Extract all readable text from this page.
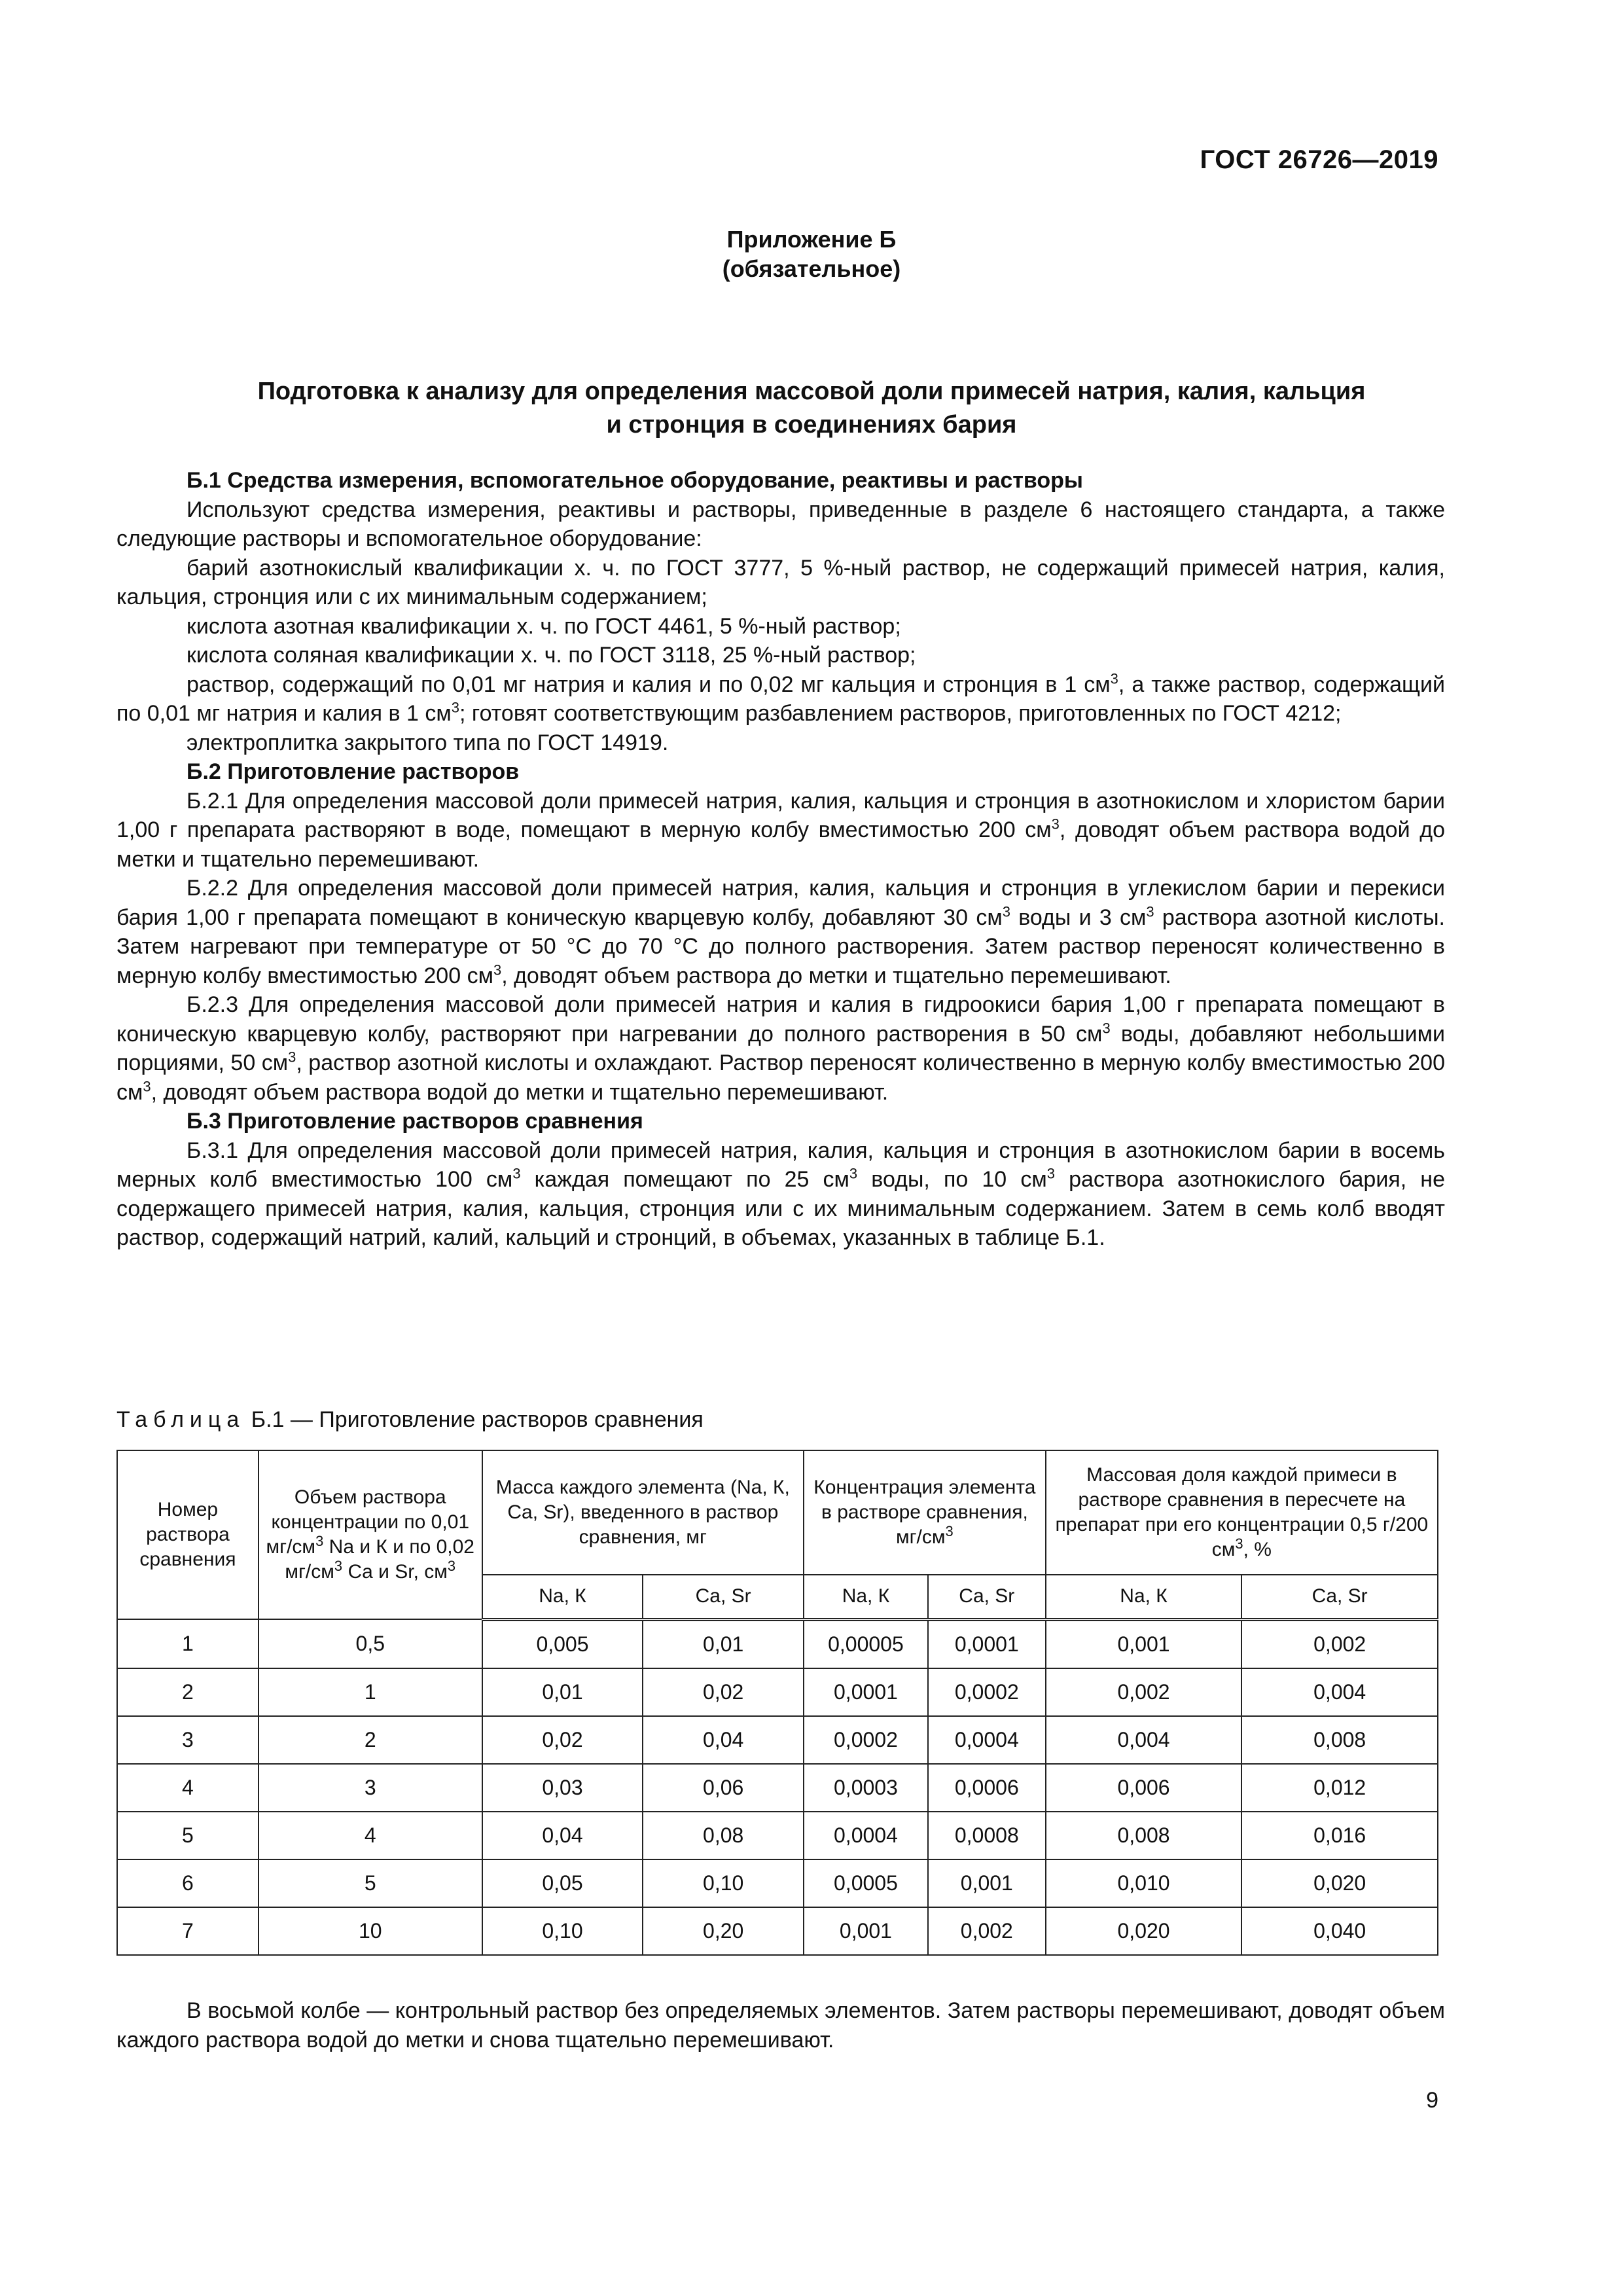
ГОСТ 26726—2019
Приложение Б
(обязательное)
Подготовка к анализу для определения массовой доли примесей натрия, калия, кальция
и стронция в соединениях бария
Б.1 Средства измерения, вспомогательное оборудование, реактивы и растворы

Используют средства измерения, реактивы и растворы, приведенные в разделе 6 настоящего стандарта, а также следующие растворы и вспомогательное оборудование:

барий азотнокислый квалификации х. ч. по ГОСТ 3777, 5 %-ный раствор, не содержащий примесей натрия, калия, кальция, стронция или с их минимальным содержанием;

кислота азотная квалификации х. ч. по ГОСТ 4461, 5 %-ный раствор;

кислота соляная квалификации х. ч. по ГОСТ 3118, 25 %-ный раствор;

раствор, содержащий по 0,01 мг натрия и калия и по 0,02 мг кальция и стронция в 1 $см^3$, а также раствор, содержащий по 0,01 мг натрия и калия в 1 $см^3$; готовят соответствующим разбавлением растворов, приготовленных по ГОСТ 4212;

электроплитка закрытого типа по ГОСТ 14919.

Б.2 Приготовление растворов

Б.2.1 Для определения массовой доли примесей натрия, калия, кальция и стронция в азотнокислом и хлористом барии 1,00 г препарата растворяют в воде, помещают в мерную колбу вместимостью 200 $см^3$, доводят объем раствора водой до метки и тщательно перемешивают.

Б.2.2 Для определения массовой доли примесей натрия, калия, кальция и стронция в углекислом барии и перекиси бария 1,00 г препарата помещают в коническую кварцевую колбу, добавляют 30 $см^3$ воды и 3 $см^3$ раствора азотной кислоты. Затем нагревают при температуре от 50 °С до 70 °С до полного растворения. Затем раствор переносят количественно в мерную колбу вместимостью 200 $см^3$, доводят объем раствора до метки и тщательно перемешивают.

Б.2.3 Для определения массовой доли примесей натрия и калия в гидроокиси бария 1,00 г препарата помещают в коническую кварцевую колбу, растворяют при нагревании до полного растворения в 50 $см^3$ воды, добавляют небольшими порциями, 50 $см^3$, раствор азотной кислоты и охлаждают. Раствор переносят количественно в мерную колбу вместимостью 200 $см^3$, доводят объем раствора водой до метки и тщательно перемешивают.

Б.3 Приготовление растворов сравнения

Б.3.1 Для определения массовой доли примесей натрия, калия, кальция и стронция в азотнокислом барии в восемь мерных колб вместимостью 100 $см^3$ каждая помещают по 25 $см^3$ воды, по 10 $см^3$ раствора азотнокислого бария, не содержащего примесей натрия, калия, кальция, стронция или с их минимальным содержанием. Затем в семь колб вводят раствор, содержащий натрий, калий, кальций и стронций, в объемах, указанных в таблице Б.1.

Таблица Б.1 — Приготовление растворов сравнения
Номер раствора сравнения	Объем раствора концентрации по 0,01 $мг/см^3$ Na и К и по 0,02 $мг/см^3$ Ca и Sr, $см^3$	Масса каждого элемента (Na, К, Ca, Sr), введенного в раствор сравнения, мг		Концентрация элемента в растворе сравнения, $мг/см^3$		Массовая доля каждой примеси в растворе сравнения в пересчете на препарат при его концентрации 0,5 г/200 $см^3$, %	
		Na, К	Ca, Sr	Na, К	Ca, Sr	Na, К	Ca, Sr
1	0,5	0,005	0,01	0,00005	0,0001	0,001	0,002
2	1	0,01	0,02	0,0001	0,0002	0,002	0,004
3	2	0,02	0,04	0,0002	0,0004	0,004	0,008
4	3	0,03	0,06	0,0003	0,0006	0,006	0,012
5	4	0,04	0,08	0,0004	0,0008	0,008	0,016
6	5	0,05	0,10	0,0005	0,001	0,010	0,020
7	10	0,10	0,20	0,001	0,002	0,020	0,040

В восьмой колбе — контрольный раствор без определяемых элементов. Затем растворы перемешивают, доводят объем каждого раствора водой до метки и снова тщательно перемешивают.

9
